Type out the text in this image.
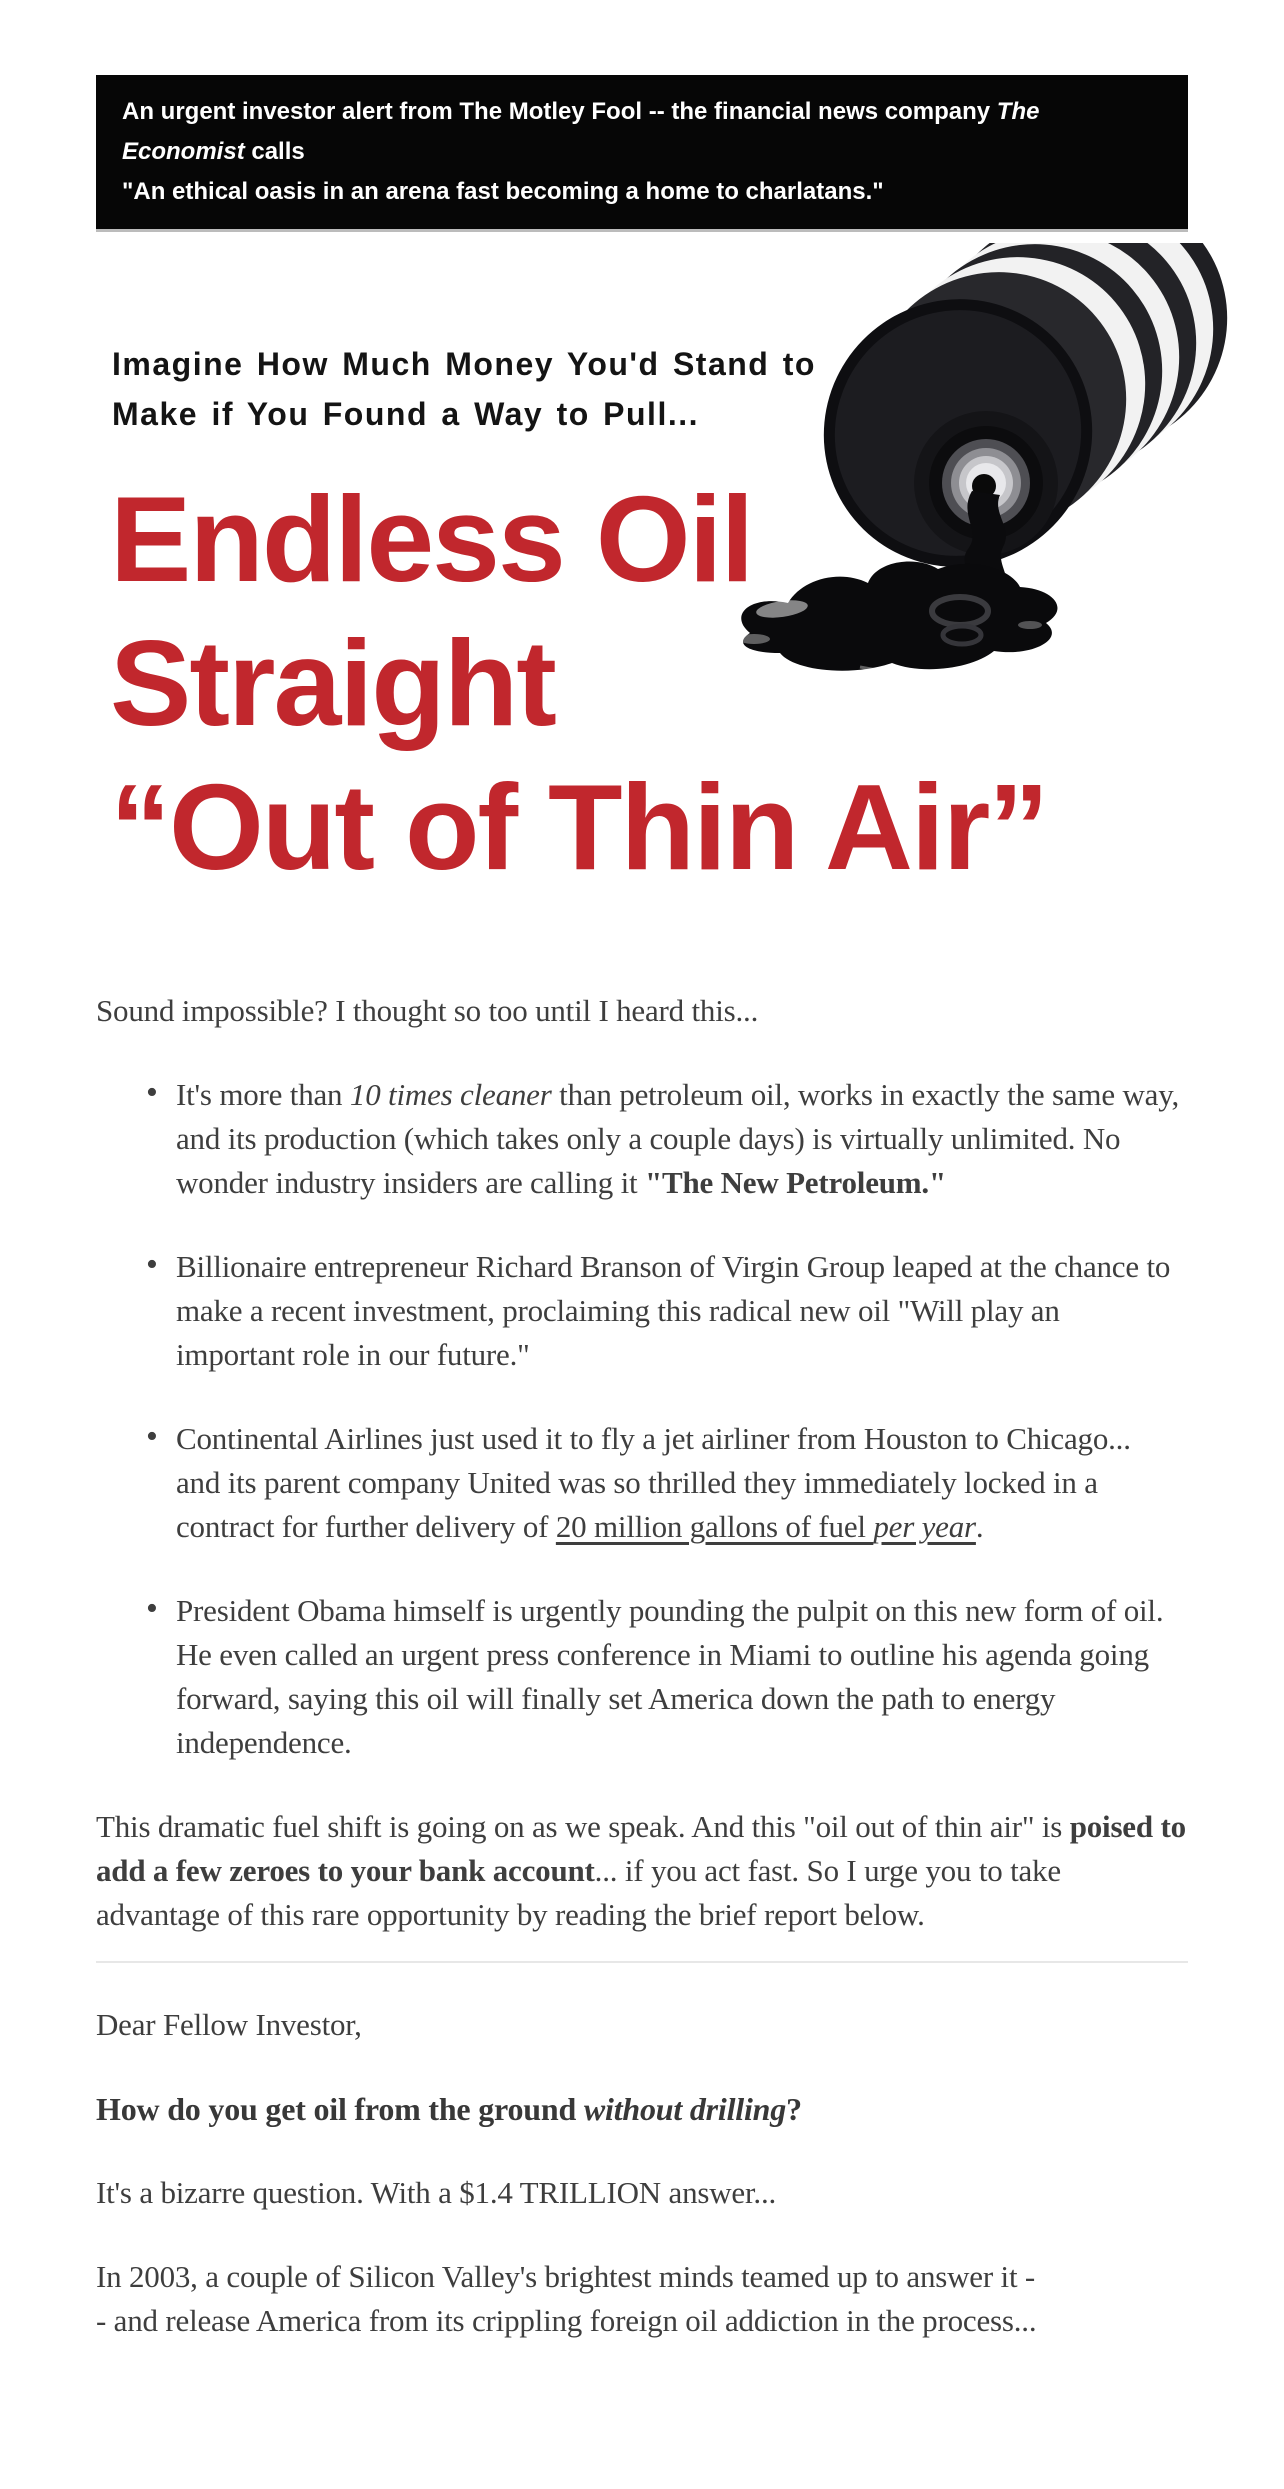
An urgent investor alert from The Motley Fool -- the financial news company The Economist calls
"An ethical oasis in an arena fast becoming a home to charlatans."
Imagine How Much Money You'd Stand to
Make if You Found a Way to Pull...
Endless Oil
Straight
“Out of Thin Air”

Sound impossible? I thought so too until I heard this...

• It's more than 10 times cleaner than petroleum oil, works in exactly the same way, and its production (which takes only a couple days) is virtually unlimited. No wonder industry insiders are calling it "The New Petroleum."
• Billionaire entrepreneur Richard Branson of Virgin Group leaped at the chance to make a recent investment, proclaiming this radical new oil "Will play an important role in our future."
• Continental Airlines just used it to fly a jet airliner from Houston to Chicago... and its parent company United was so thrilled they immediately locked in a contract for further delivery of 20 million gallons of fuel per year.
• President Obama himself is urgently pounding the pulpit on this new form of oil. He even called an urgent press conference in Miami to outline his agenda going forward, saying this oil will finally set America down the path to energy independence.

This dramatic fuel shift is going on as we speak. And this "oil out of thin air" is poised to add a few zeroes to your bank account... if you act fast. So I urge you to take advantage of this rare opportunity by reading the brief report below.

Dear Fellow Investor,

How do you get oil from the ground without drilling?

It's a bizarre question. With a $1.4 TRILLION answer...

In 2003, a couple of Silicon Valley's brightest minds teamed up to answer it -
- and release America from its crippling foreign oil addiction in the process...
